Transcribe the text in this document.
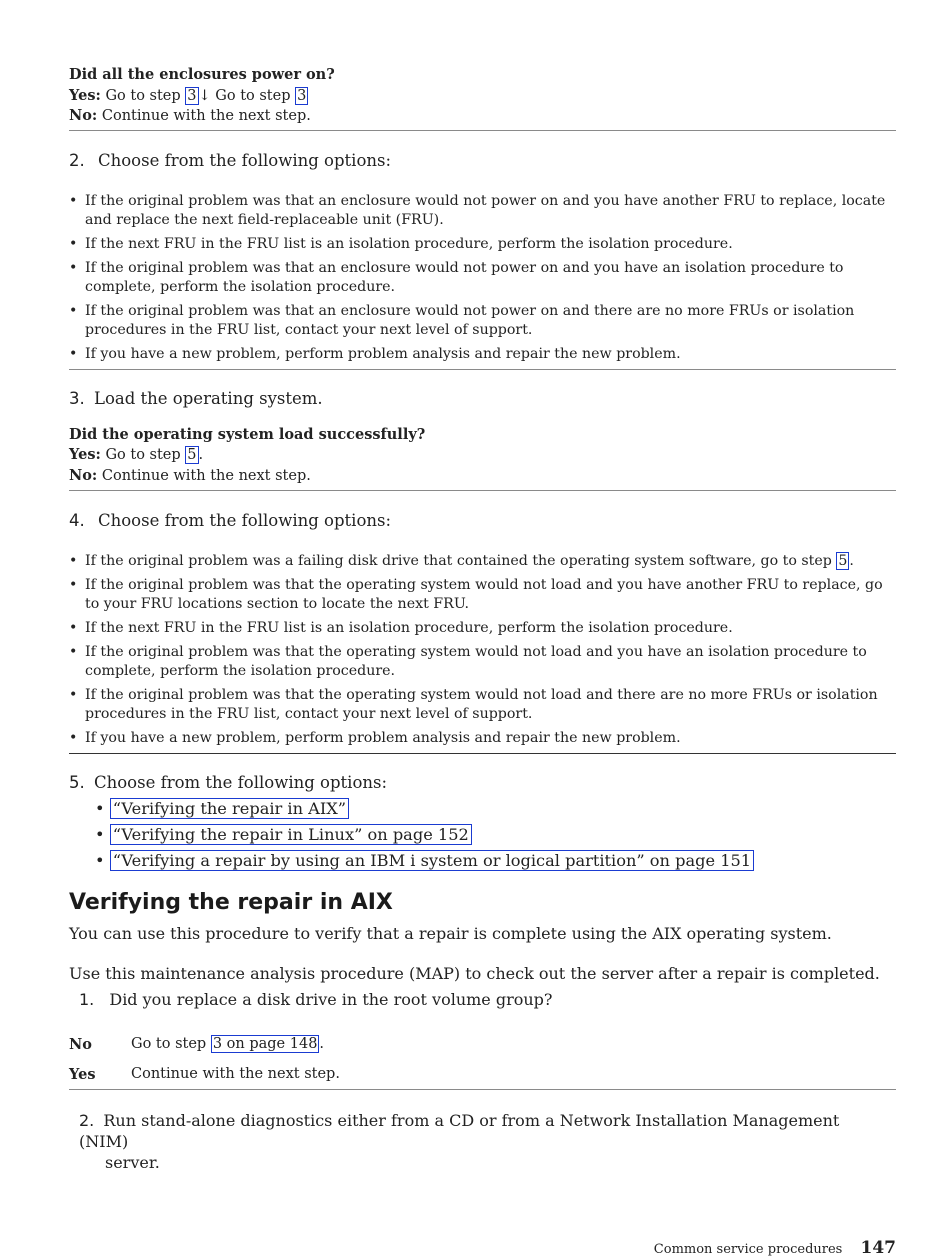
Did all the enclosures power on?
Yes: Go to step 3 ↓ Go to step 3
No: Continue with the next step.
2. Choose from the following options:
• If the original problem was that an enclosure would not power on and you have another FRU to replace, locate and replace the next field-replaceable unit (FRU).
• If the next FRU in the FRU list is an isolation procedure, perform the isolation procedure.
• If the original problem was that an enclosure would not power on and you have an isolation procedure to complete, perform the isolation procedure.
• If the original problem was that an enclosure would not power on and there are no more FRUs or isolation procedures in the FRU list, contact your next level of support.
• If you have a new problem, perform problem analysis and repair the new problem.
3. Load the operating system.
Did the operating system load successfully?
Yes: Go to step 5 .
No: Continue with the next step.
4. Choose from the following options:
• If the original problem was a failing disk drive that contained the operating system software, go to step 5 .
• If the original problem was that the operating system would not load and you have another FRU to replace, go to your FRU locations section to locate the next FRU.
• If the next FRU in the FRU list is an isolation procedure, perform the isolation procedure.
• If the original problem was that the operating system would not load and you have an isolation procedure to complete, perform the isolation procedure.
• If the original problem was that the operating system would not load and there are no more FRUs or isolation procedures in the FRU list, contact your next level of support.
• If you have a new problem, perform problem analysis and repair the new problem.
5. Choose from the following options:
• “Verifying the repair in AIX”
• “Verifying the repair in Linux” on page 152
• “Verifying a repair by using an IBM i system or logical partition” on page 151
Verifying the repair in AIX
You can use this procedure to verify that a repair is complete using the AIX operating system.
Use this maintenance analysis procedure (MAP) to check out the server after a repair is completed.
1. Did you replace a disk drive in the root volume group?
No	Go to step 3 on page 148 .
Yes Continue with the next step.
2. Run stand-alone diagnostics either from a CD or from a Network Installation Management (NIM)
server.
Common service procedures 147
